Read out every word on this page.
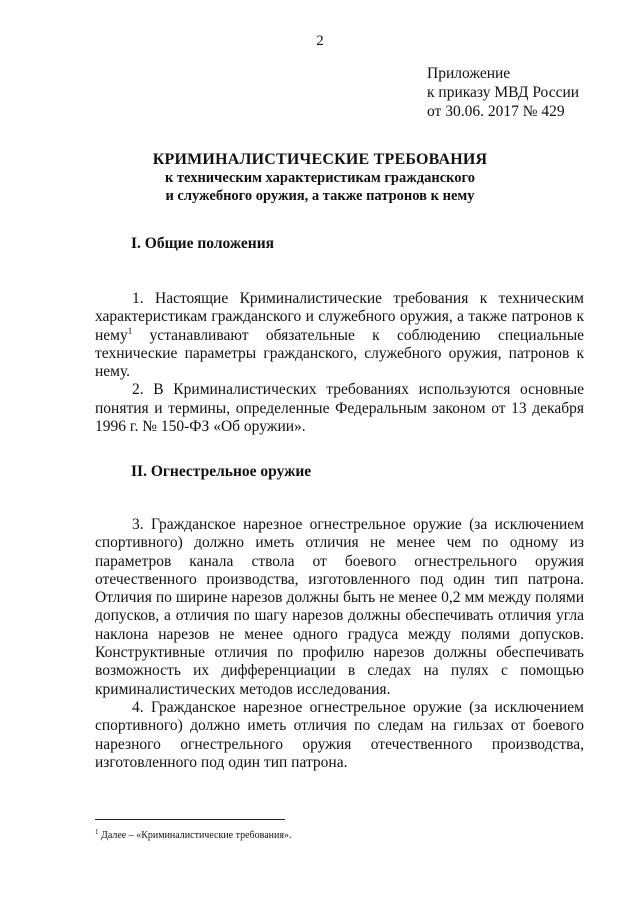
2
Приложение
к приказу МВД России
от 30.06. 2017 № 429
КРИМИНАЛИСТИЧЕСКИЕ ТРЕБОВАНИЯ
к техническим характеристикам гражданского
и служебного оружия, а также патронов к нему
I. Общие положения

1. Настоящие Криминалистические требования к техническим характеристикам гражданского и служебного оружия, а также патронов к нему$^1$ устанавливают обязательные к соблюдению специальные технические параметры гражданского, служебного оружия, патронов к нему.

2. В Криминалистических требованиях используются основные понятия и термины, определенные Федеральным законом от 13 декабря 1996 г. № 150-ФЗ «Об оружии».

II. Огнестрельное оружие

3. Гражданское нарезное огнестрельное оружие (за исключением спортивного) должно иметь отличия не менее чем по одному из параметров канала ствола от боевого огнестрельного оружия отечественного производства, изготовленного под один тип патрона. Отличия по ширине нарезов должны быть не менее 0,2 мм между полями допусков, а отличия по шагу нарезов должны обеспечивать отличия угла наклона нарезов не менее одного градуса между полями допусков. Конструктивные отличия по профилю нарезов должны обеспечивать возможность их дифференциации в следах на пулях с помощью криминалистических методов исследования.

4. Гражданское нарезное огнестрельное оружие (за исключением спортивного) должно иметь отличия по следам на гильзах от боевого нарезного огнестрельного оружия отечественного производства, изготовленного под один тип патрона.

$^1$ Далее – «Криминалистические требования».
